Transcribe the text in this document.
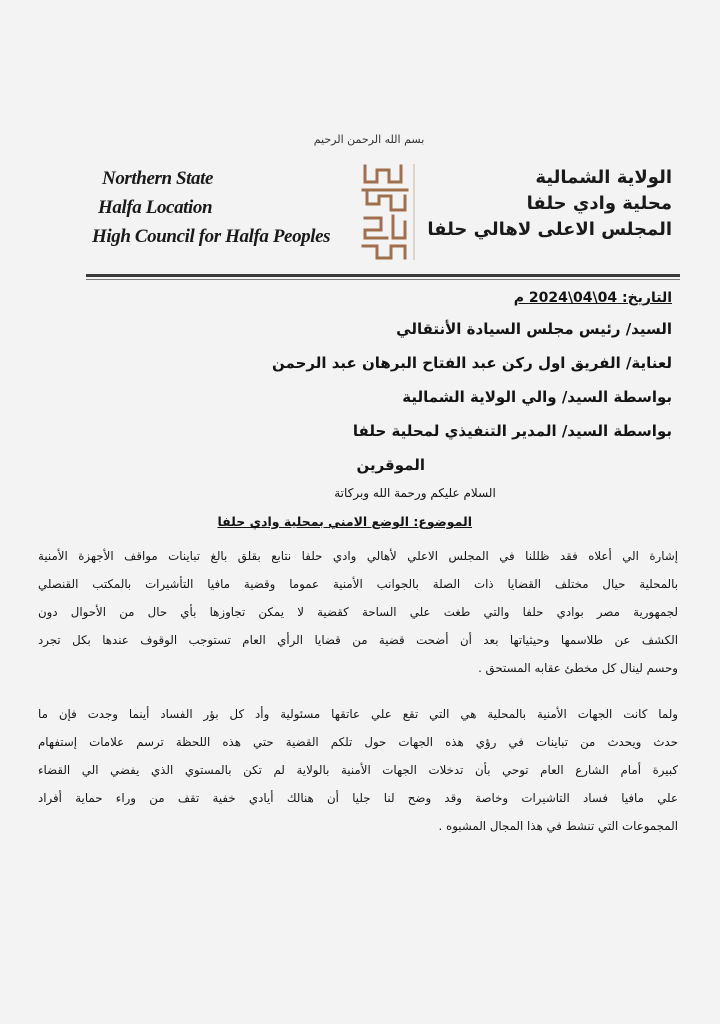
بسم الله الرحمن الرحيم
Northern State
Halfa Location
High Council for Halfa Peoples
الولاية الشمالية
محلية وادي حلفا
المجلس الاعلى لاهالي حلفا
التاريخ: 04\04\2024 م
السيد/ رئيس مجلس السيادة الأنتقالي
لعناية/ الفريق اول ركن عبد الفتاح البرهان عبد الرحمن
بواسطة السيد/ والي الولاية الشمالية
بواسطة السيد/ المدير التنفيذي لمحلية حلفا
الموقرين
السلام عليكم ورحمة الله وبركاتة
الموضوع: الوضع الامني بمحلية وادي حلفا
إشارة الي أعلاه فقد ظللنا في المجلس الاعلي لأهالي وادي حلفا نتابع بقلق بالغ تباينات مواقف الأجهزة الأمنية
بالمحلية حيال مختلف القضايا ذات الصلة بالجوانب الأمنية عموما وقضية مافيا التأشيرات بالمكتب القنصلي
لجمهورية مصر بوادي حلفا والتي طغت علي الساحة كقضية لا يمكن تجاوزها بأي حال من الأحوال دون
الكشف عن طلاسمها وحيثياتها بعد أن أضحت قضية من قضايا الرأي العام تستوجب الوقوف عندها بكل تجرد
وحسم لينال كل مخطئ عقابه المستحق .
ولما كانت الجهات الأمنية بالمحلية هي التي تقع علي عاتقها مسئولية وأد كل بؤر الفساد أينما وجدت فإن ما
حدث ويحدث من تباينات في رؤي هذه الجهات حول تلكم القضية حتي هذه اللحظة ترسم علامات إستفهام
كبيرة أمام الشارع العام توحي بأن تدخلات الجهات الأمنية بالولاية لم تكن بالمستوي الذي يفضي الي القضاء
علي مافيا فساد التاشيرات وخاصة وقد وضح لنا جليا أن هنالك أيادي خفية تقف من وراء حماية أفراد
المجموعات التي تنشط في هذا المجال المشبوه .
